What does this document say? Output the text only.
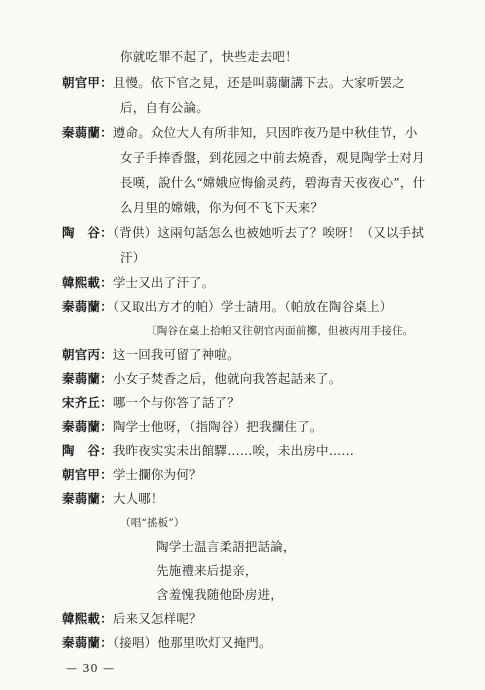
你就吃罪不起了，快些走去吧！
朝官甲：且慢。依下官之見，还是叫蒻蘭講下去。大家听罢之
后，自有公論。
秦蒻蘭：遵命。众位大人有所非知，只因昨夜乃是中秋佳节，小
女子手捧香盤，到花园之中前去燒香，观見陶学士对月
長嘆，說什么“嫦娥应悔偷灵药，碧海青天夜夜心”，什
么月里的嫦娥，你为何不飞下天来？
陶　谷：（背供）这兩句話怎么也被她听去了？唉呀！（又以手拭
汗）
韓熙載：学士又出了汗了。
秦蒻蘭：（又取出方才的帕）学士請用。（帕放在陶谷桌上）
〔陶谷在桌上拾帕又往朝官丙面前擲，但被丙用手接住。
朝官丙：这一回我可留了神啦。
秦蒻蘭：小女子焚香之后，他就向我答起話来了。
宋齐丘：哪一个与你答了話了？
秦蒻蘭：陶学士他呀，（指陶谷）把我攔住了。
陶　谷：我昨夜实实未出館驛……唉，未出房中……
朝官甲：学士攔你为何？
秦蒻蘭：大人哪！
（唱“搖板”）
陶学士温言柔語把話論，
先施禮来后提亲，
含羞愧我随他卧房进，
韓熙載：后来又怎样呢？
秦蒻蘭：（接唱）他那里吹灯又掩門。
— 30 —
